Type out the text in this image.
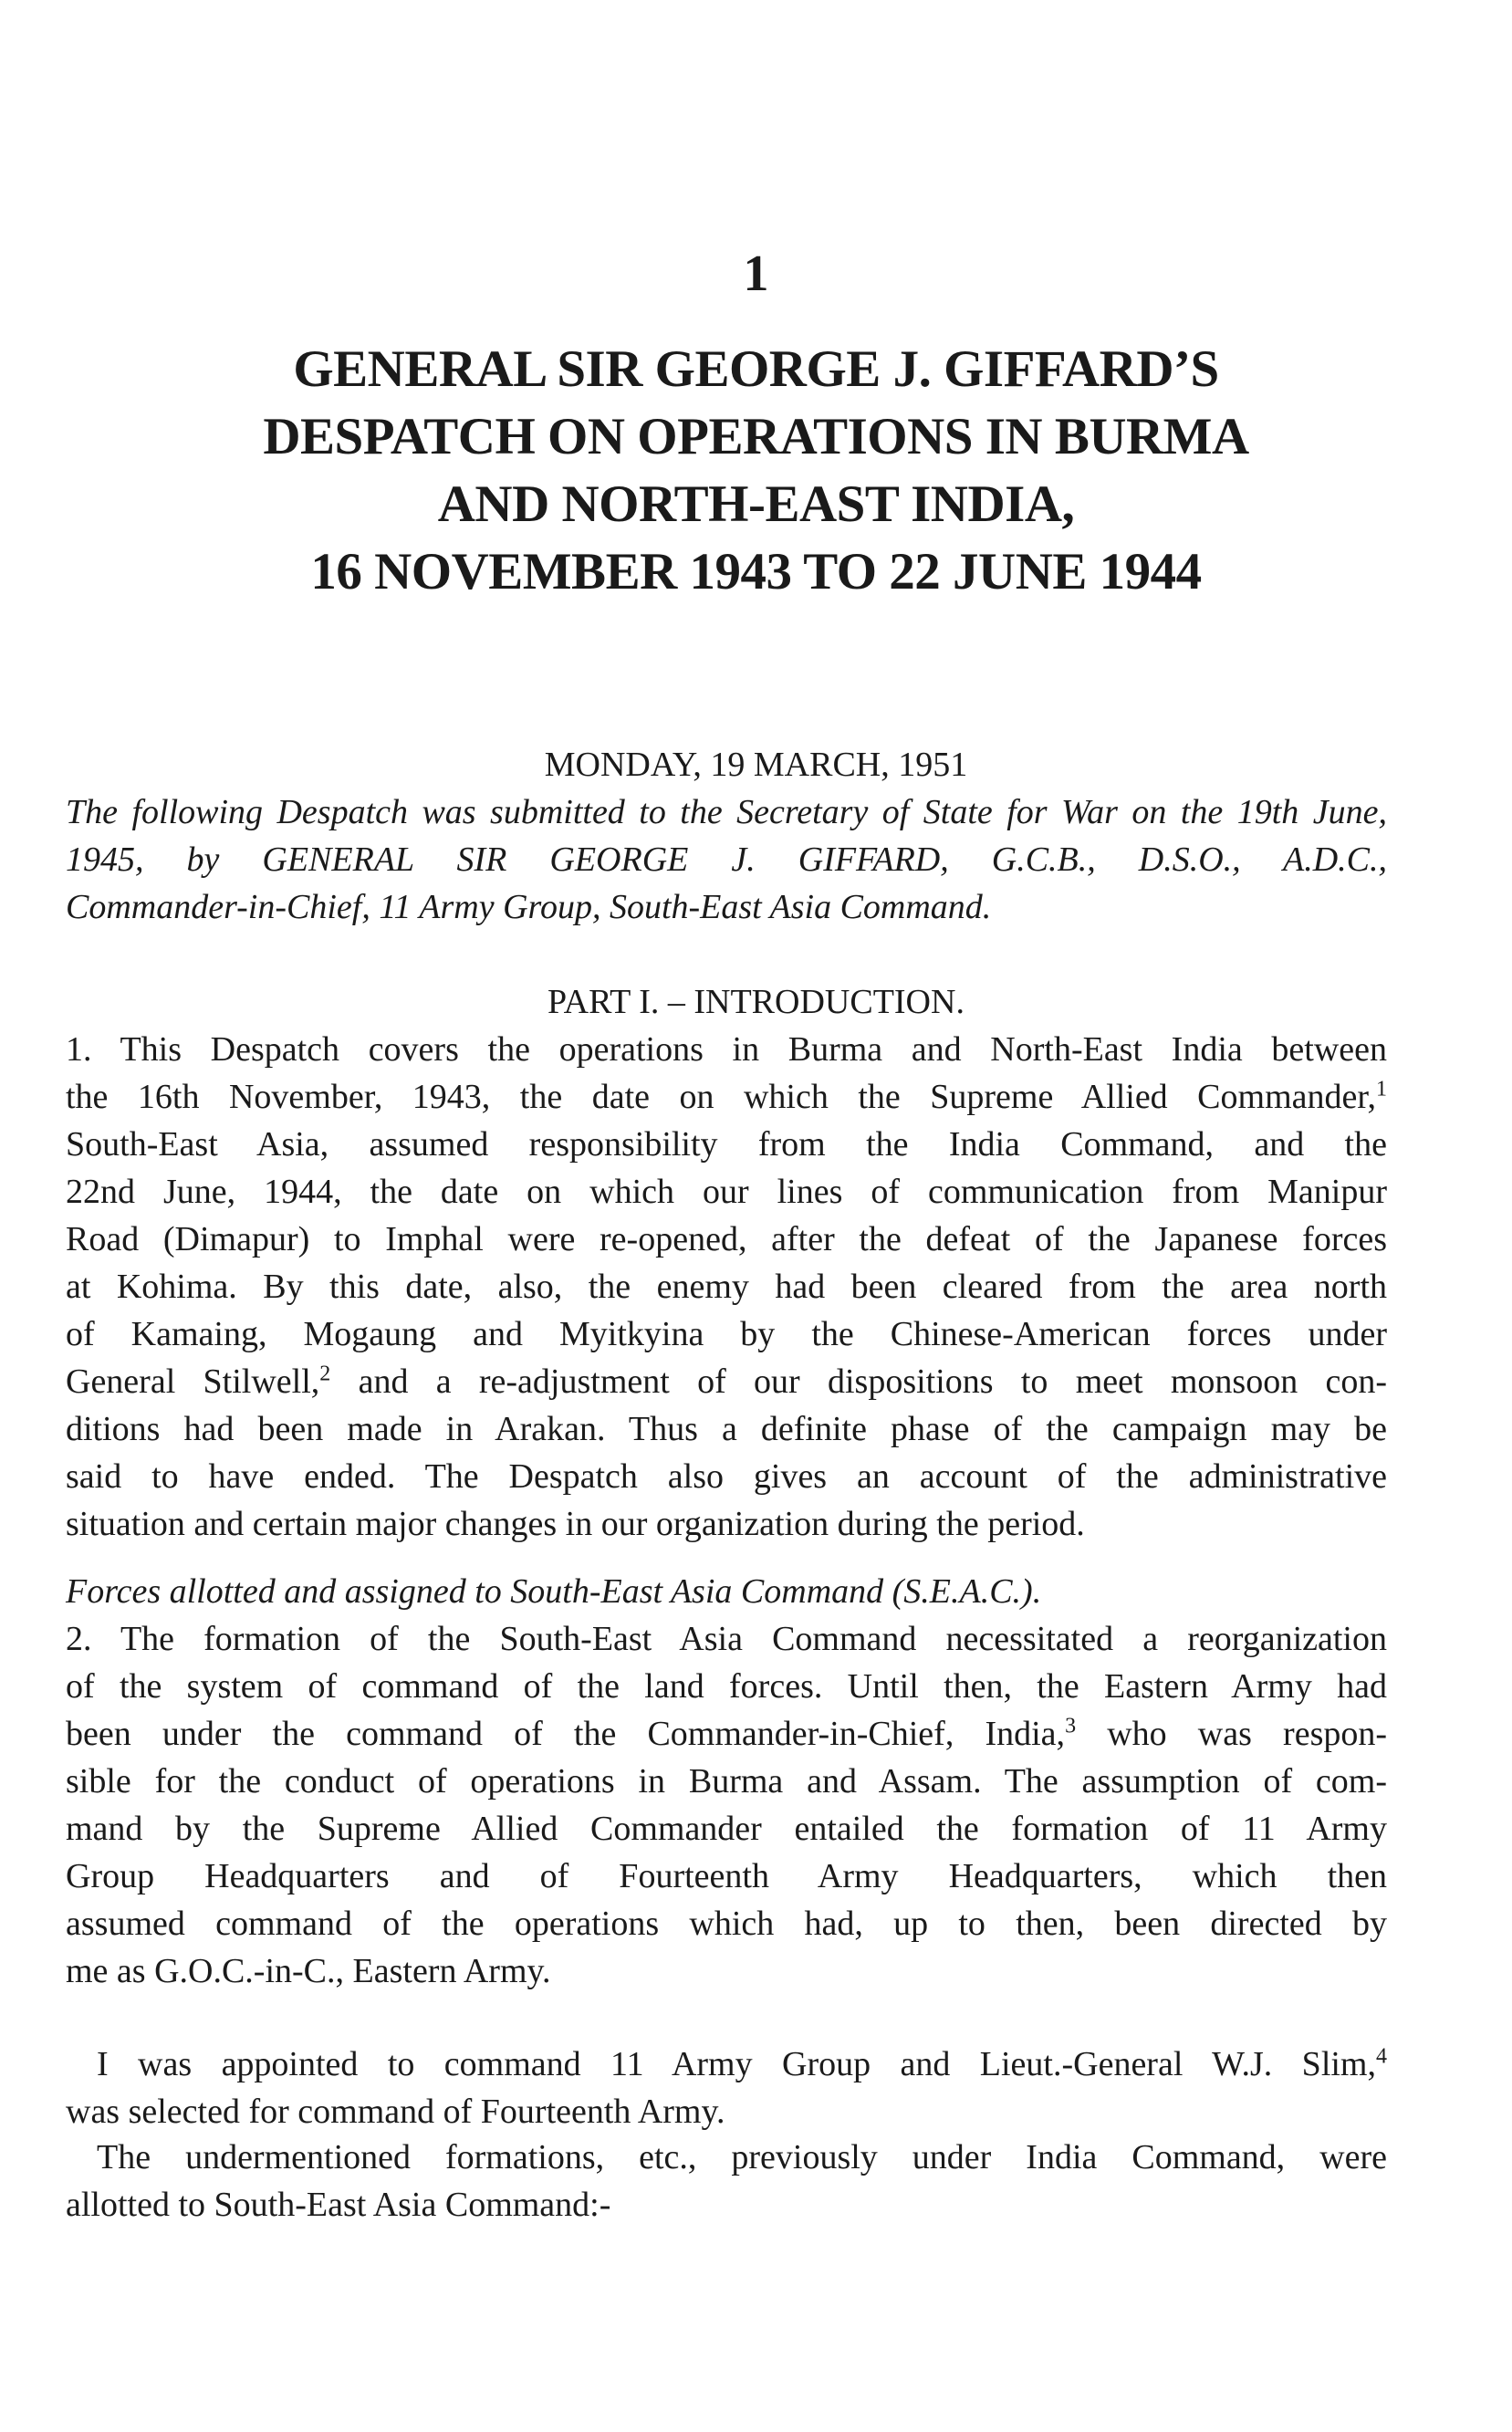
1
GENERAL SIR GEORGE J. GIFFARD’S
DESPATCH ON OPERATIONS IN BURMA
AND NORTH-EAST INDIA,
16 NOVEMBER 1943 TO 22 JUNE 1944
MONDAY, 19 MARCH, 1951
The following Despatch was submitted to the Secretary of State for War on the 19th June,
1945, by GENERAL SIR GEORGE J. GIFFARD, G.C.B., D.S.O., A.D.C.,
Commander-in-Chief, 11 Army Group, South-East Asia Command.
PART I. – INTRODUCTION.
1. This Despatch covers the operations in Burma and North-East India between
the 16th November, 1943, the date on which the Supreme Allied Commander,$^1$
South-East Asia, assumed responsibility from the India Command, and the
22nd June, 1944, the date on which our lines of communication from Manipur
Road (Dimapur) to Imphal were re-opened, after the defeat of the Japanese forces
at Kohima. By this date, also, the enemy had been cleared from the area north
of Kamaing, Mogaung and Myitkyina by the Chinese-American forces under
General Stilwell,$^2$ and a re-adjustment of our dispositions to meet monsoon con-
ditions had been made in Arakan. Thus a definite phase of the campaign may be
said to have ended. The Despatch also gives an account of the administrative
situation and certain major changes in our organization during the period.
Forces allotted and assigned to South-East Asia Command (S.E.A.C.).
2. The formation of the South-East Asia Command necessitated a reorganization
of the system of command of the land forces. Until then, the Eastern Army had
been under the command of the Commander-in-Chief, India,$^3$ who was respon-
sible for the conduct of operations in Burma and Assam. The assumption of com-
mand by the Supreme Allied Commander entailed the formation of 11 Army
Group Headquarters and of Fourteenth Army Headquarters, which then
assumed command of the operations which had, up to then, been directed by
me as G.O.C.-in-C., Eastern Army.
I was appointed to command 11 Army Group and Lieut.-General W.J. Slim,$^4$
was selected for command of Fourteenth Army.
The undermentioned formations, etc., previously under India Command, were
allotted to South-East Asia Command:-
